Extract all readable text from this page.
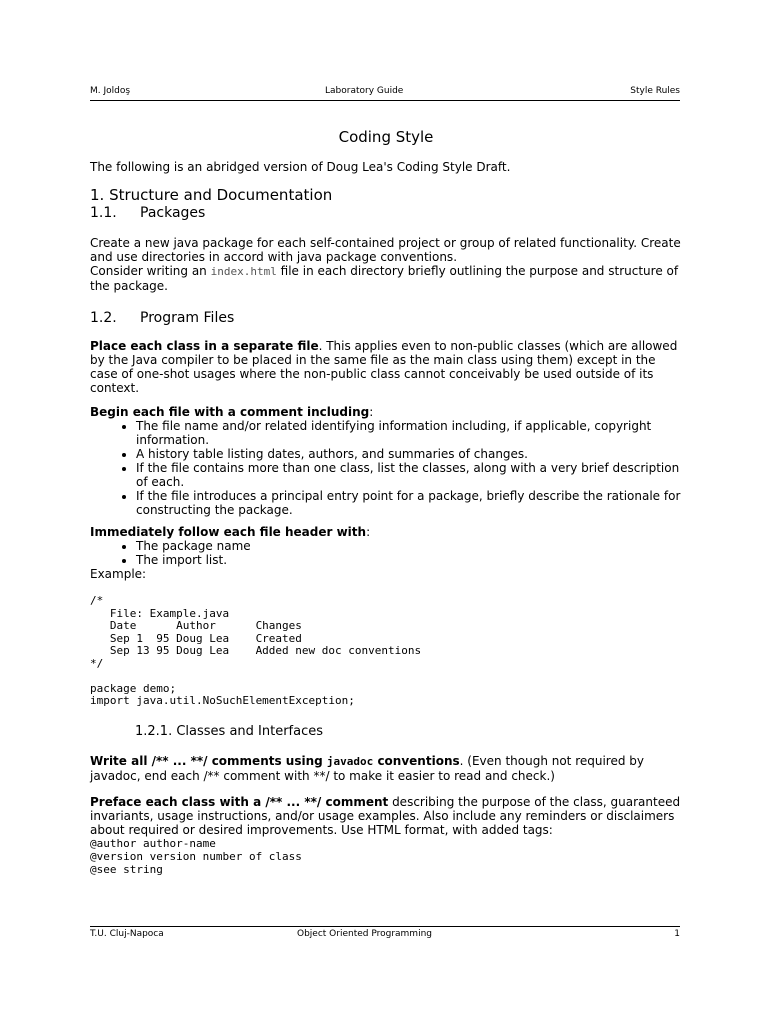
M. Joldoş	Laboratory Guide	Style Rules
Coding Style

The following is an abridged version of Doug Lea's Coding Style Draft.

1. Structure and Documentation
1.1. Packages

Create a new java package for each self-contained project or group of related functionality. Create and use directories in accord with java package conventions.

Consider writing an index.html file in each directory briefly outlining the purpose and structure of the package.

1.2. Program Files

Place each class in a separate file. This applies even to non-public classes (which are allowed by the Java compiler to be placed in the same file as the main class using them) except in the case of one-shot usages where the non-public class cannot conceivably be used outside of its context.

Begin each file with a comment including:

• The file name and/or related identifying information including, if applicable, copyright information.
• A history table listing dates, authors, and summaries of changes.
• If the file contains more than one class, list the classes, along with a very brief description of each.
• If the file introduces a principal entry point for a package, briefly describe the rationale for constructing the package.

Immediately follow each file header with:

• The package name
• The import list.

Example:

/*
File: Example.java
Date      Author      Changes
Sep 1  95 Doug Lea    Created
Sep 13 95 Doug Lea    Added new doc conventions
*/

package demo;
import java.util.NoSuchElementException;
1.2.1. Classes and Interfaces

Write all /** ... **/ comments using javadoc conventions. (Even though not required by javadoc, end each /** comment with **/ to make it easier to read and check.)

Preface each class with a /** ... **/ comment describing the purpose of the class, guaranteed invariants, usage instructions, and/or usage examples. Also include any reminders or disclaimers about required or desired improvements. Use HTML format, with added tags:

@author author-name
@version version number of class
@see string
T.U. Cluj-Napoca	Object Oriented Programming	1
